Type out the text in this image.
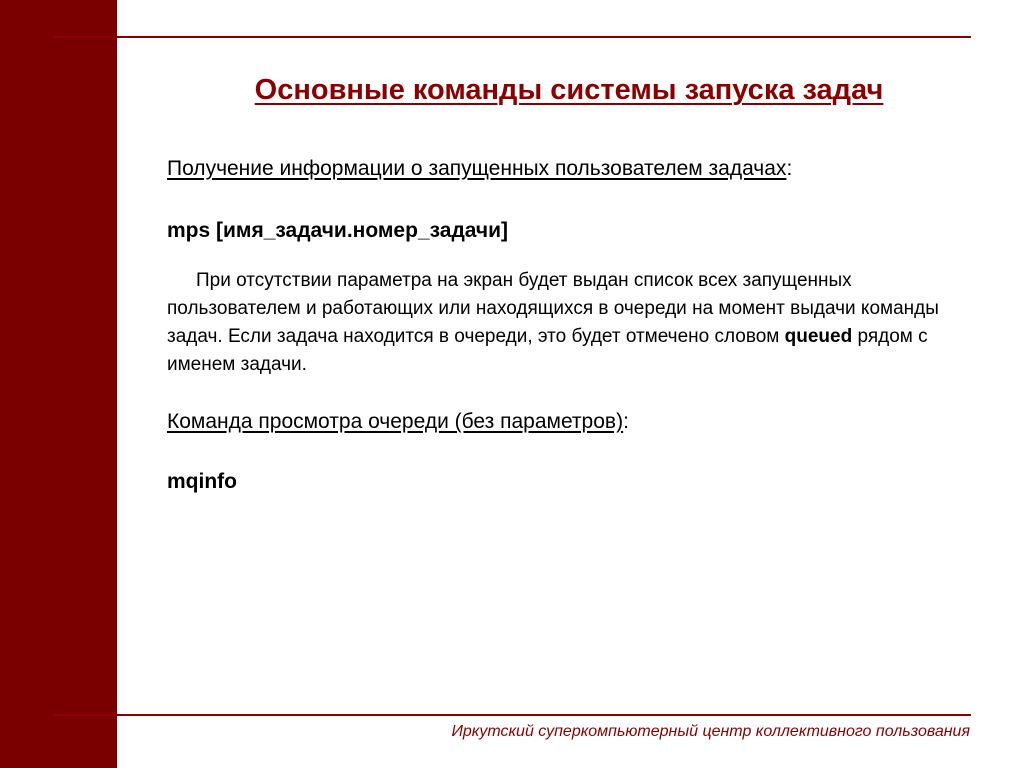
Основные команды системы запуска задач

Получение информации о запущенных пользователем задачах:

mps [имя_задачи.номер_задачи]

При отсутствии параметра на экран будет выдан список всех запущенных пользователем и работающих или находящихся в очереди на момент выдачи команды задач. Если задача находится в очереди, это будет отмечено словом queued рядом с именем задачи.

Команда просмотра очереди (без параметров):

mqinfo

Иркутский суперкомпьютерный центр коллективного пользования
